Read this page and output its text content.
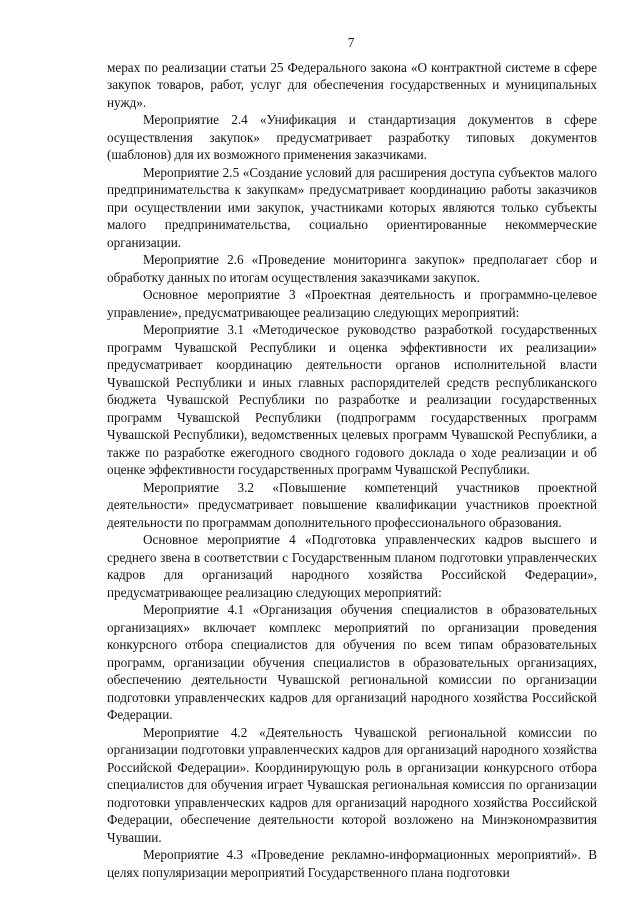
7

мерах по реализации статьи 25 Федерального закона «О контрактной системе в сфере закупок товаров, работ, услуг для обеспечения государственных и муниципальных нужд».

Мероприятие 2.4 «Унификация и стандартизация документов в сфере осуществления закупок» предусматривает разработку типовых документов (шаблонов) для их возможного применения заказчиками.

Мероприятие 2.5 «Создание условий для расширения доступа субъектов малого предпринимательства к закупкам» предусматривает координацию работы заказчиков при осуществлении ими закупок, участниками которых являются только субъекты малого предпринимательства, социально ориентированные некоммерческие организации.

Мероприятие 2.6 «Проведение мониторинга закупок» предполагает сбор и обработку данных по итогам осуществления заказчиками закупок.

Основное мероприятие 3 «Проектная деятельность и программно-целевое управление», предусматривающее реализацию следующих мероприятий:

Мероприятие 3.1 «Методическое руководство разработкой государственных программ Чувашской Республики и оценка эффективности их реализации» предусматривает координацию деятельности органов исполнительной власти Чувашской Республики и иных главных распорядителей средств республиканского бюджета Чувашской Республики по разработке и реализации государственных программ Чувашской Республики (подпрограмм государственных программ Чувашской Республики), ведомственных целевых программ Чувашской Республики, а также по разработке ежегодного сводного годового доклада о ходе реализации и об оценке эффективности государственных программ Чувашской Республики.

Мероприятие 3.2 «Повышение компетенций участников проектной деятельности» предусматривает повышение квалификации участников проектной деятельности по программам дополнительного профессионального образования.

Основное мероприятие 4 «Подготовка управленческих кадров высшего и среднего звена в соответствии с Государственным планом подготовки управленческих кадров для организаций народного хозяйства Российской Федерации», предусматривающее реализацию следующих мероприятий:

Мероприятие 4.1 «Организация обучения специалистов в образовательных организациях» включает комплекс мероприятий по организации проведения конкурсного отбора специалистов для обучения по всем типам образовательных программ, организации обучения специалистов в образовательных организациях, обеспечению деятельности Чувашской региональной комиссии по организации подготовки управленческих кадров для организаций народного хозяйства Российской Федерации.

Мероприятие 4.2 «Деятельность Чувашской региональной комиссии по организации подготовки управленческих кадров для организаций народного хозяйства Российской Федерации». Координирующую роль в организации конкурсного отбора специалистов для обучения играет Чувашская региональная комиссия по организации подготовки управленческих кадров для организаций народного хозяйства Российской Федерации, обеспечение деятельности которой возложено на Минэкономразвития Чувашии.

Мероприятие 4.3 «Проведение рекламно-информационных мероприятий». В целях популяризации мероприятий Государственного плана подготовки
